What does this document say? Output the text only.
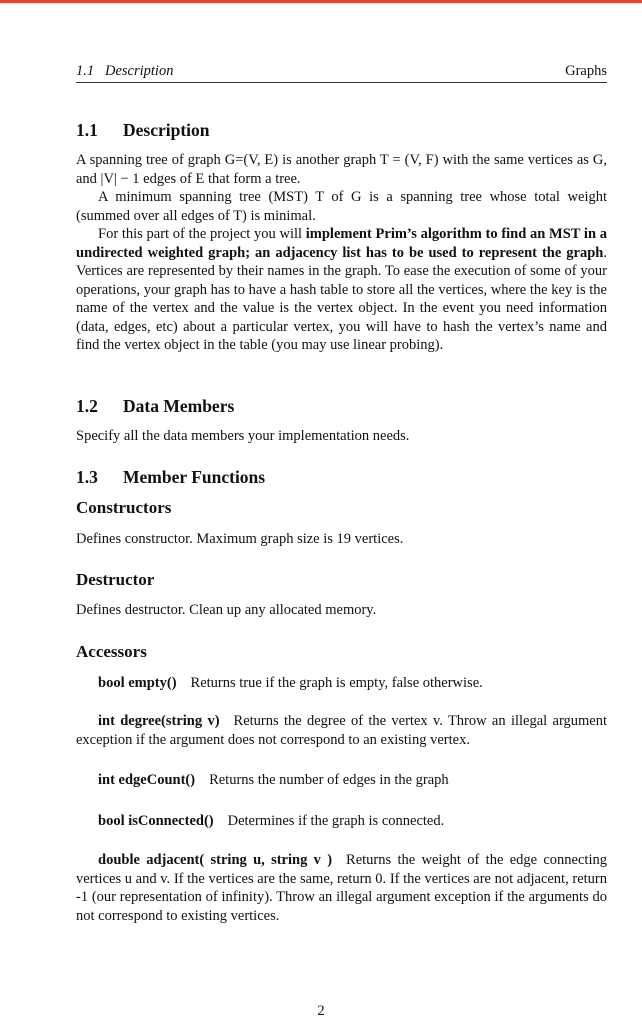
1.1   Description	Graphs
1.1 Description

A spanning tree of graph G=(V, E) is another graph T = (V, F) with the same vertices as G, and |V| − 1 edges of E that form a tree.

A minimum spanning tree (MST) T of G is a spanning tree whose total weight (summed over all edges of T) is minimal.

For this part of the project you will implement Prim’s algorithm to find an MST in a undirected weighted graph; an adjacency list has to be used to represent the graph. Vertices are represented by their names in the graph. To ease the execution of some of your operations, your graph has to have a hash table to store all the vertices, where the key is the name of the vertex and the value is the vertex object. In the event you need information (data, edges, etc) about a particular vertex, you will have to hash the vertex’s name and find the vertex object in the table (you may use linear probing).

1.2 Data Members

Specify all the data members your implementation needs.

1.3 Member Functions
Constructors

Defines constructor. Maximum graph size is 19 vertices.

Destructor

Defines destructor. Clean up any allocated memory.

Accessors

bool empty() Returns true if the graph is empty, false otherwise.

int degree(string v) Returns the degree of the vertex v. Throw an illegal argument exception if the argument does not correspond to an existing vertex.

int edgeCount() Returns the number of edges in the graph

bool isConnected() Determines if the graph is connected.

double adjacent( string u, string v ) Returns the weight of the edge connecting vertices u and v. If the vertices are the same, return 0. If the vertices are not adjacent, return -1 (our representation of infinity). Throw an illegal argument exception if the arguments do not correspond to existing vertices.

2
